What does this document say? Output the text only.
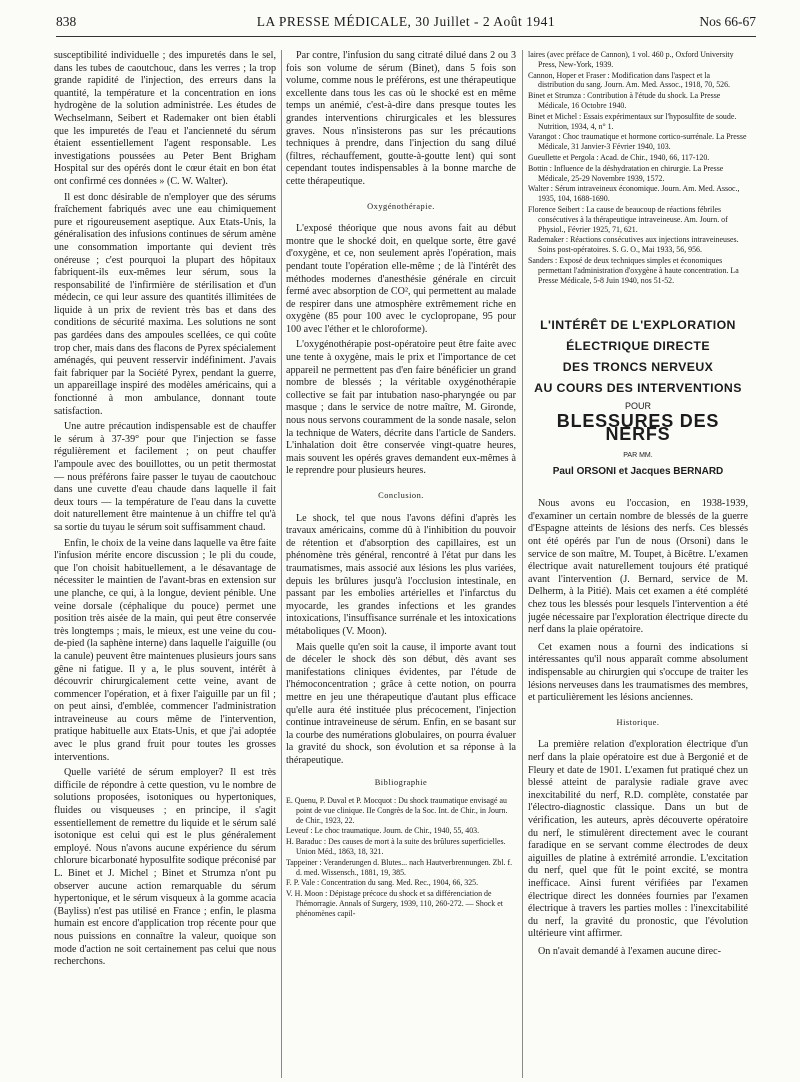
838	LA PRESSE MÉDICALE, 30 Juillet - 2 Août 1941	Nos 66-67

susceptibilité individuelle ; des impuretés dans le sel, dans les tubes de caoutchouc, dans les verres ; la trop grande rapidité de l'injection, des erreurs dans la quantité, la température et la concentration en ions hydrogène de la solution administrée. Les études de Wechselmann, Seibert et Rademaker ont bien établi que les impuretés de l'eau et l'ancienneté du sérum étaient essentiellement l'agent responsable. Les investigations poussées au Peter Bent Brigham Hospital sur des opérés dont le cœur était en bon état ont confirmé ces données » (C. W. Walter).

Il est donc désirable de n'employer que des sérums fraîchement fabriqués avec une eau chimiquement pure et rigoureusement aseptique. Aux Etats-Unis, la généralisation des infusions continues de sérum amène une consommation importante qui devient très onéreuse ; c'est pourquoi la plupart des hôpitaux fabriquent-ils eux-mêmes leur sérum, sous la responsabilité de l'infirmière de stérilisation et d'un médecin, ce qui leur assure des quantités illimitées de liquide à un prix de revient très bas et dans des conditions de sécurité maxima. Les solutions ne sont pas gardées dans des ampoules scellées, ce qui coûte trop cher, mais dans des flacons de Pyrex spécialement aménagés, qui peuvent resservir indéfiniment. J'avais fait fabriquer par la Société Pyrex, pendant la guerre, un appareillage inspiré des modèles américains, qui a fonctionné à mon ambulance, donnant toute satisfaction.

Une autre précaution indispensable est de chauffer le sérum à 37-39° pour que l'injection se fasse régulièrement et facilement ; on peut chauffer l'ampoule avec des bouillottes, ou un petit thermostat — nous préférons faire passer le tuyau de caoutchouc dans une cuvette d'eau chaude dans laquelle il fait deux tours — la température de l'eau dans la cuvette doit naturellement être maintenue à un chiffre tel qu'à sa sortie du tuyau le sérum soit suffisamment chaud.

Enfin, le choix de la veine dans laquelle va être faite l'infusion mérite encore discussion ; le pli du coude, que l'on choisit habituellement, a le désavantage de nécessiter le maintien de l'avant-bras en extension sur une planche, ce qui, à la longue, devient pénible. Une veine dorsale (céphalique du pouce) permet une position très aisée de la main, qui peut être conservée très longtemps ; mais, le mieux, est une veine du cou-de-pied (la saphène interne) dans laquelle l'aiguille (ou la canule) peuvent être maintenues plusieurs jours sans gêne ni fatigue. Il y a, le plus souvent, intérêt à découvrir chirurgicalement cette veine, avant de commencer l'opération, et à fixer l'aiguille par un fil ; on peut ainsi, d'emblée, commencer l'administration intraveineuse au cours même de l'intervention, pratique habituelle aux Etats-Unis, et que j'ai adoptée avec le plus grand fruit pour toutes les grosses interventions.

Quelle variété de sérum employer? Il est très difficile de répondre à cette question, vu le nombre de solutions proposées, isotoniques ou hypertoniques, fluides ou visqueuses ; en principe, il s'agit essentiellement de remettre du liquide et le sérum salé isotonique est celui qui est le plus généralement employé. Nous n'avons aucune expérience du sérum chlorure bicarbonaté hyposulfite sodique préconisé par L. Binet et J. Michel ; Binet et Strumza n'ont pu observer aucune action remarquable du sérum hypertonique, et le sérum visqueux à la gomme acacia (Bayliss) n'est pas utilisé en France ; enfin, le plasma humain est encore d'application trop récente pour que nous puissions en connaître la valeur, quoique son mode d'action ne soit certainement pas celui que nous recherchons.

Par contre, l'infusion du sang citraté dilué dans 2 ou 3 fois son volume de sérum (Binet), dans 5 fois son volume, comme nous le préférons, est une thérapeutique excellente dans tous les cas où le shocké est en même temps un anémié, c'est-à-dire dans presque toutes les grandes interventions chirurgicales et les blessures graves. Nous n'insisterons pas sur les précautions techniques à prendre, dans l'injection du sang dilué (filtres, réchauffement, goutte-à-goutte lent) qui sont cependant toutes indispensables à la bonne marche de cette thérapeutique.

Oxygénothérapie.

L'exposé théorique que nous avons fait au début montre que le shocké doit, en quelque sorte, être gavé d'oxygène, et ce, non seulement après l'opération, mais pendant toute l'opération elle-même ; de là l'intérêt des méthodes modernes d'anesthésie générale en circuit fermé avec absorption de CO², qui permettent au malade de respirer dans une atmosphère extrêmement riche en oxygène (85 pour 100 avec le cyclopropane, 95 pour 100 avec l'éther et le chloroforme).

L'oxygénothérapie post-opératoire peut être faite avec une tente à oxygène, mais le prix et l'importance de cet appareil ne permettent pas d'en faire bénéficier un grand nombre de blessés ; la véritable oxygénothérapie collective se fait par intubation naso-pharyngée ou par masque ; dans le service de notre maître, M. Gironde, nous nous servons couramment de la sonde nasale, selon la technique de Waters, décrite dans l'article de Sanders. L'inhalation doit être conservée vingt-quatre heures, mais souvent les opérés graves demandent eux-mêmes à le reprendre pour plusieurs heures.

Conclusion.

Le shock, tel que nous l'avons défini d'après les travaux américains, comme dû à l'inhibition du pouvoir de rétention et d'absorption des capillaires, est un phénomène très général, rencontré à l'état pur dans les traumatismes, mais associé aux lésions les plus variées, depuis les brûlures jusqu'à l'occlusion intestinale, en passant par les embolies artérielles et l'infarctus du myocarde, les grandes infections et les grandes intoxications, l'insuffisance surrénale et les intoxications métaboliques (V. Moon).

Mais quelle qu'en soit la cause, il importe avant tout de déceler le shock dès son début, dès avant ses manifestations cliniques évidentes, par l'étude de l'hémoconcentration ; grâce à cette notion, on pourra mettre en jeu une thérapeutique d'autant plus efficace qu'elle aura été instituée plus précocement, l'injection continue intraveineuse de sérum. Enfin, en se basant sur la courbe des numérations globulaires, on pourra évaluer la gravité du shock, son évolution et sa réponse à la thérapeutique.

Bibliographie
E. Quenu, P. Duval et P. Mocquot : Du shock traumatique envisagé au point de vue clinique. IIe Congrès de la Soc. Int. de Chir., in Journ. de Chir., 1923, 22.
Leveuf : Le choc traumatique. Journ. de Chir., 1940, 55, 403.
H. Baraduc : Des causes de mort à la suite des brûlures superficielles. Union Méd., 1863, 18, 321.
Tappeiner : Veranderungen d. Blutes... nach Hautverbrennungen. Zbl. f. d. med. Wissensch., 1881, 19, 385.
F. P. Vale : Concentration du sang. Med. Rec., 1904, 66, 325.
V. H. Moon : Dépistage précoce du shock et sa différenciation de l'hémorragie. Annals of Surgery, 1939, 110, 260-272. — Shock et phénomènes capil-
laires (avec préface de Cannon), 1 vol. 460 p., Oxford University Press, New-York, 1939.
Cannon, Hoper et Fraser : Modification dans l'aspect et la distribution du sang. Journ. Am. Med. Assoc., 1918, 70, 526.
Binet et Strumza : Contribution à l'étude du shock. La Presse Médicale, 16 Octobre 1940.
Binet et Michel : Essais expérimentaux sur l'hyposulfite de soude. Nutrition, 1934, 4, n° 1.
Varangot : Choc traumatique et hormone cortico-surrénale. La Presse Médicale, 31 Janvier-3 Février 1940, 103.
Gueullette et Pergola : Acad. de Chir., 1940, 66, 117-120.
Bottin : Influence de la déshydratation en chirurgie. La Presse Médicale, 25-29 Novembre 1939, 1572.
Walter : Sérum intraveineux économique. Journ. Am. Med. Assoc., 1935, 104, 1688-1690.
Florence Seibert : La cause de beaucoup de réactions fébriles consécutives à la thérapeutique intraveineuse. Am. Journ. of Physiol., Février 1925, 71, 621.
Rademaker : Réactions consécutives aux injections intraveineuses. Soins post-opératoires. S. G. O., Mai 1933, 56, 956.
Sanders : Exposé de deux techniques simples et économiques permettant l'administration d'oxygène à haute concentration. La Presse Médicale, 5-8 Juin 1940, nos 51-52.
L'INTÉRÊT DE L'EXPLORATION
ÉLECTRIQUE DIRECTE
DES TRONCS NERVEUX
AU COURS DES INTERVENTIONS
POUR
BLESSURES DES NERFS
PAR MM.
Paul ORSONI et Jacques BERNARD

Nous avons eu l'occasion, en 1938-1939, d'examiner un certain nombre de blessés de la guerre d'Espagne atteints de lésions des nerfs. Ces blessés ont été opérés par l'un de nous (Orsoni) dans le service de son maître, M. Toupet, à Bicêtre. L'examen électrique avait naturellement toujours été pratiqué avant l'intervention (J. Bernard, service de M. Delherm, à la Pitié). Mais cet examen a été complété chez tous les blessés pour lesquels l'intervention a été jugée nécessaire par l'exploration électrique directe du nerf dans la plaie opératoire.

Cet examen nous a fourni des indications si intéressantes qu'il nous apparaît comme absolument indispensable au chirurgien qui s'occupe de traiter les lésions nerveuses dans les traumatismes des membres, et particulièrement les lésions anciennes.

Historique.

La première relation d'exploration électrique d'un nerf dans la plaie opératoire est due à Bergonié et de Fleury et date de 1901. L'examen fut pratiqué chez un blessé atteint de paralysie radiale grave avec inexcitabilité du nerf, R.D. complète, constatée par l'électro-diagnostic classique. Dans un but de vérification, les auteurs, après découverte opératoire du nerf, le stimulèrent directement avec le courant faradique en se servant comme électrodes de deux aiguilles de platine à extrémité arrondie. L'excitation du nerf, quel que fût le point excité, se montra inefficace. Ainsi furent vérifiées par l'examen électrique direct les données fournies par l'examen électrique à travers les parties molles : l'inexcitabilité du nerf, la gravité du pronostic, que l'évolution ultérieure vint affirmer.

On n'avait demandé à l'examen aucune direc-
